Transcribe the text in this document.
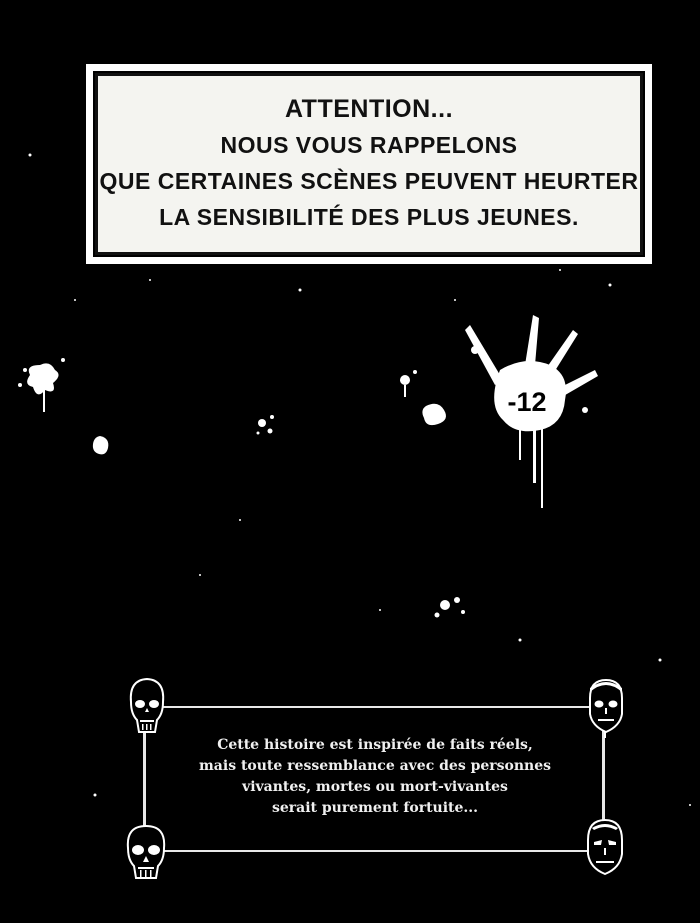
ATTENTION...
NOUS VOUS RAPPELONS
QUE CERTAINES SCÈNES PEUVENT HEURTER
LA SENSIBILITÉ DES PLUS JEUNES.
-12
Cette histoire est inspirée de faits réels,
mais toute ressemblance avec des personnes
vivantes, mortes ou mort-vivantes
serait purement fortuite...
